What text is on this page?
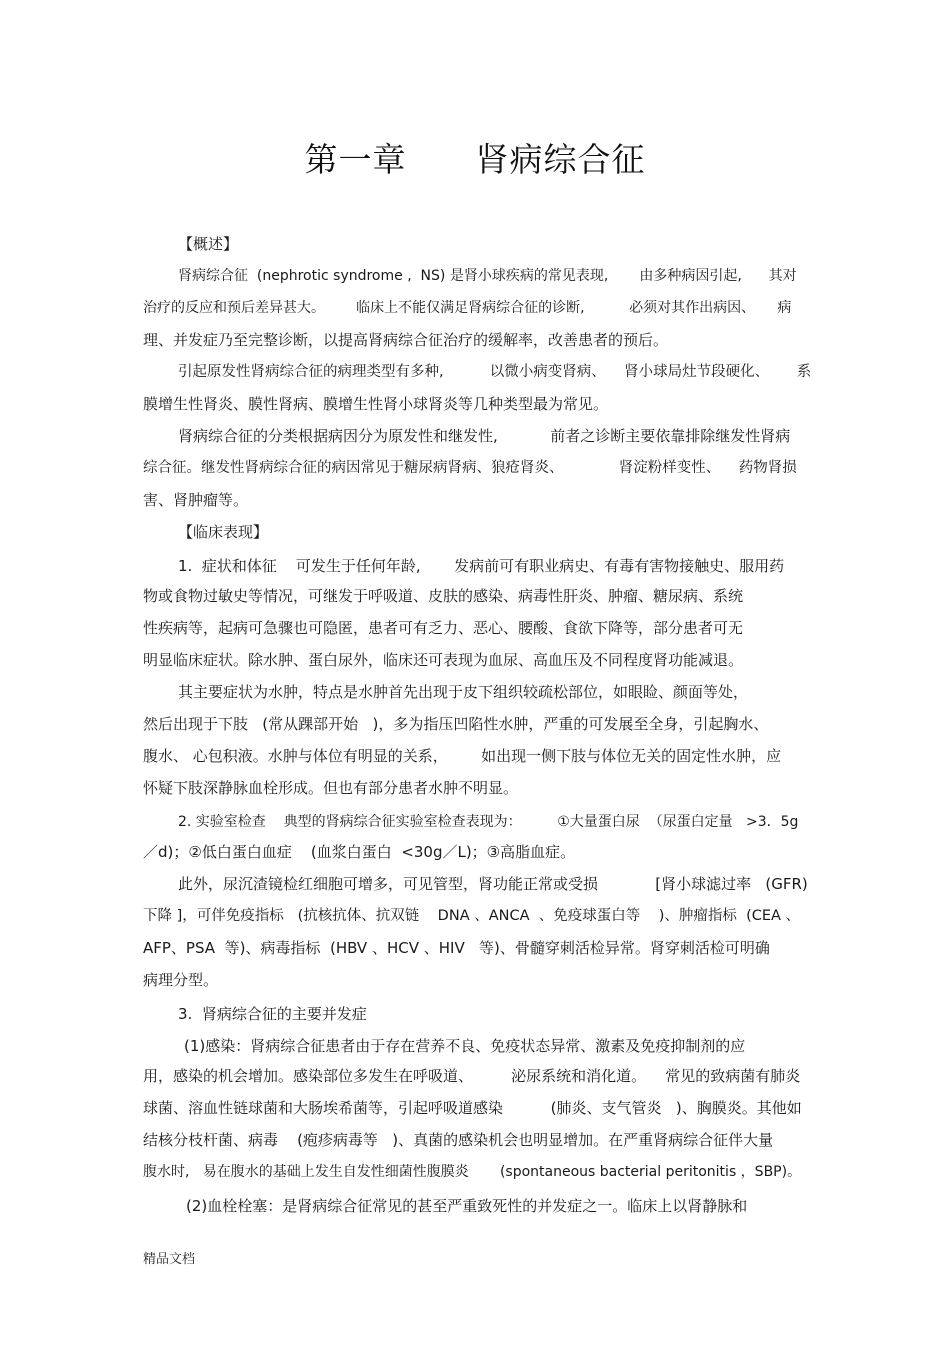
第一章      肾病综合征
【概述】
肾病综合征  (nephrotic syndrome ,  NS) 是肾小球疾病的常见表现,       由多种病因引起,      其对
治疗的反应和预后差异甚大。       临床上不能仅满足肾病综合征的诊断,          必须对其作出病因、     病
理、并发症乃至完整诊断，以提高肾病综合征治疗的缓解率，改善患者的预后。
引起原发性肾病综合征的病理类型有多种,          以微小病变肾病、    肾小球局灶节段硬化、      系
膜增生性肾炎、膜性肾病、膜增生性肾小球肾炎等几种类型最为常见。
肾病综合征的分类根据病因分为原发性和继发性,           前者之诊断主要依靠排除继发性肾病
综合征。继发性肾病综合征的病因常见于糖尿病肾病、狼疮肾炎、            肾淀粉样变性、    药物肾损
害、肾肿瘤等。
【临床表现】
1.  症状和体征    可发生于任何年龄,       发病前可有职业病史、有毒有害物接触史、服用药
物或食物过敏史等情况，可继发于呼吸道、皮肤的感染、病毒性肝炎、肿瘤、糖尿病、系统
性疾病等，起病可急骤也可隐匿，患者可有乏力、恶心、腰酸、食欲下降等，部分患者可无
明显临床症状。除水肿、蛋白尿外，临床还可表现为血尿、高血压及不同程度肾功能减退。
其主要症状为水肿，特点是水肿首先出现于皮下组织较疏松部位，如眼睑、颜面等处，
然后出现于下肢   (常从踝部开始   )，多为指压凹陷性水肿，严重的可发展至全身，引起胸水、
腹水、 心包积液。水肿与体位有明显的关系，       如出现一侧下肢与体位无关的固定性水肿，应
怀疑下肢深静脉血栓形成。但也有部分患者水肿不明显。
2. 实验室检查    典型的肾病综合征实验室检查表现为：        ①大量蛋白尿  （尿蛋白定量   >3．5g
／d)；②低白蛋白血症    (血浆白蛋白  <30g／L)；③高脂血症。
此外，尿沉渣镜检红细胞可增多，可见管型，肾功能正常或受损            [肾小球滤过率   (GFR)
下降 ]，可伴免疫指标   (抗核抗体、抗双链    DNA 、ANCA  、免疫球蛋白等    )、肿瘤指标  (CEA 、
AFP、PSA  等)、病毒指标  (HBV 、HCV 、HIV   等)、骨髓穿刺活检异常。肾穿刺活检可明确
病理分型。
3.  肾病综合征的主要并发症
(1)感染：肾病综合征患者由于存在营养不良、免疫状态异常、激素及免疫抑制剂的应
用，感染的机会增加。感染部位多发生在呼吸道、        泌尿系统和消化道。    常见的致病菌有肺炎
球菌、溶血性链球菌和大肠埃希菌等，引起呼吸道感染          (肺炎、支气管炎   )、胸膜炎。其他如
结核分枝杆菌、病毒    (疱疹病毒等   )、真菌的感染机会也明显增加。在严重肾病综合征伴大量
腹水时,   易在腹水的基础上发生自发性细菌性腹膜炎       (spontaneous bacterial peritonitis ，SBP)。
(2)血栓栓塞：是肾病综合征常见的甚至严重致死性的并发症之一。临床上以肾静脉和
精品文档
